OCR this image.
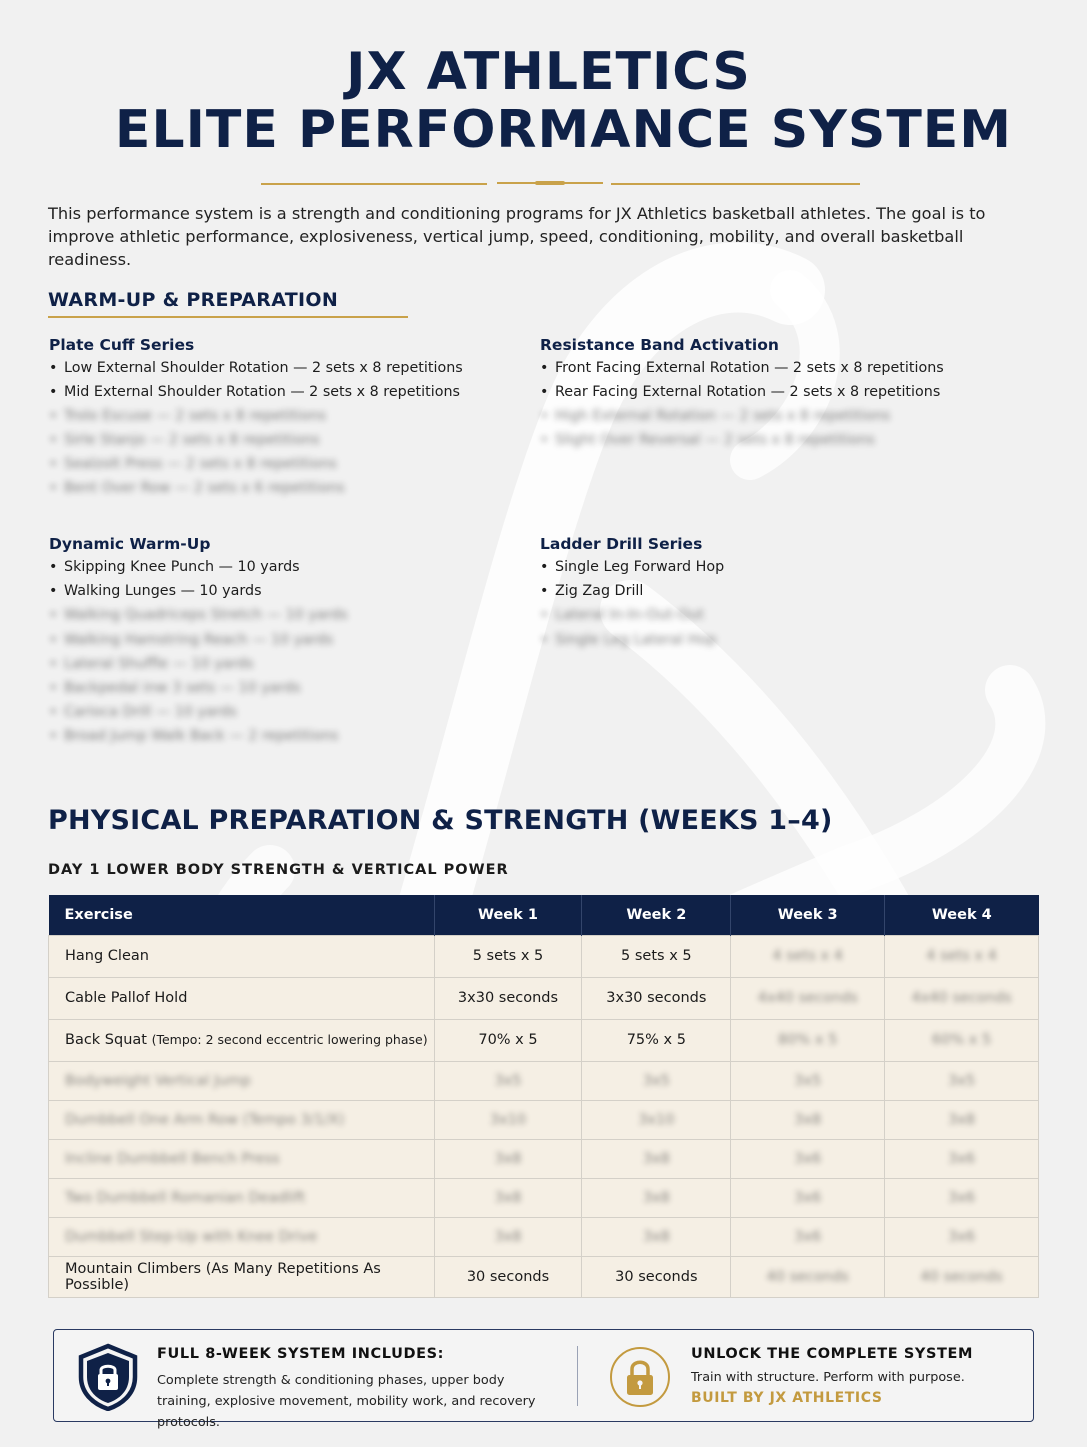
JX ATHLETICS
ELITE PERFORMANCE SYSTEM

This performance system is a strength and conditioning programs for JX Athletics basketball athletes. The goal is to improve athletic performance, explosiveness, vertical jump, speed, conditioning, mobility, and overall basketball readiness.

WARM-UP & PREPARATION
Plate Cuff Series
• Low External Shoulder Rotation — 2 sets x 8 repetitions
• Mid External Shoulder Rotation — 2 sets x 8 repetitions
• Trolo Escuse — 2 sets x 8 repetitions
• Sirle Stanjo — 2 sets x 8 repetitions
• Sealzolt Press — 2 sets x 8 repetitions
• Bent Over Row — 2 sets x 6 repetitions
Resistance Band Activation
• Front Facing External Rotation — 2 sets x 8 repetitions
• Rear Facing External Rotation — 2 sets x 8 repetitions
• High External Rotation — 2 sets x 8 repetitions
• Slight Over Reversal — 2 sets x 8 repetitions
Dynamic Warm-Up
• Skipping Knee Punch — 10 yards
• Walking Lunges — 10 yards
• Walking Quadriceps Stretch — 10 yards
• Walking Hamstring Reach — 10 yards
• Lateral Shuffle — 10 yards
• Backpedal inw 3 sets — 10 yards
• Carioca Drill — 10 yards
• Broad Jump Walk Back — 2 repetitions
Ladder Drill Series
• Single Leg Forward Hop
• Zig Zag Drill
• Lateral In-In-Out-Out
• Single Leg Lateral Hop
PHYSICAL PREPARATION & STRENGTH (WEEKS 1–4)
DAY 1 LOWER BODY STRENGTH & VERTICAL POWER
Exercise	Week 1	Week 2	Week 3	Week 4
Hang Clean	5 sets x 5	5 sets x 5	4 sets x 4	4 sets x 4
Cable Pallof Hold	3x30 seconds	3x30 seconds	4x40 seconds	4x40 seconds
Back Squat (Tempo: 2 second eccentric lowering phase)	70% x 5	75% x 5	80% x 5	60% x 5
Bodyweight Vertical Jump	3x5	3x5	3x5	3x5
Dumbbell One Arm Row (Tempo 3/1/X)	3x10	3x10	3x8	3x8
Incline Dumbbell Bench Press	3x8	3x8	3x6	3x6
Two Dumbbell Romanian Deadlift	3x8	3x8	3x6	3x6
Dumbbell Step-Up with Knee Drive	3x8	3x8	3x6	3x6
Mountain Climbers (As Many Repetitions As Possible)	30 seconds	30 seconds	40 seconds	40 seconds
FULL 8-WEEK SYSTEM INCLUDES:
Complete strength & conditioning phases, upper body training, explosive movement, mobility work, and recovery protocols.
UNLOCK THE COMPLETE SYSTEM
Train with structure. Perform with purpose.
BUILT BY JX ATHLETICS
